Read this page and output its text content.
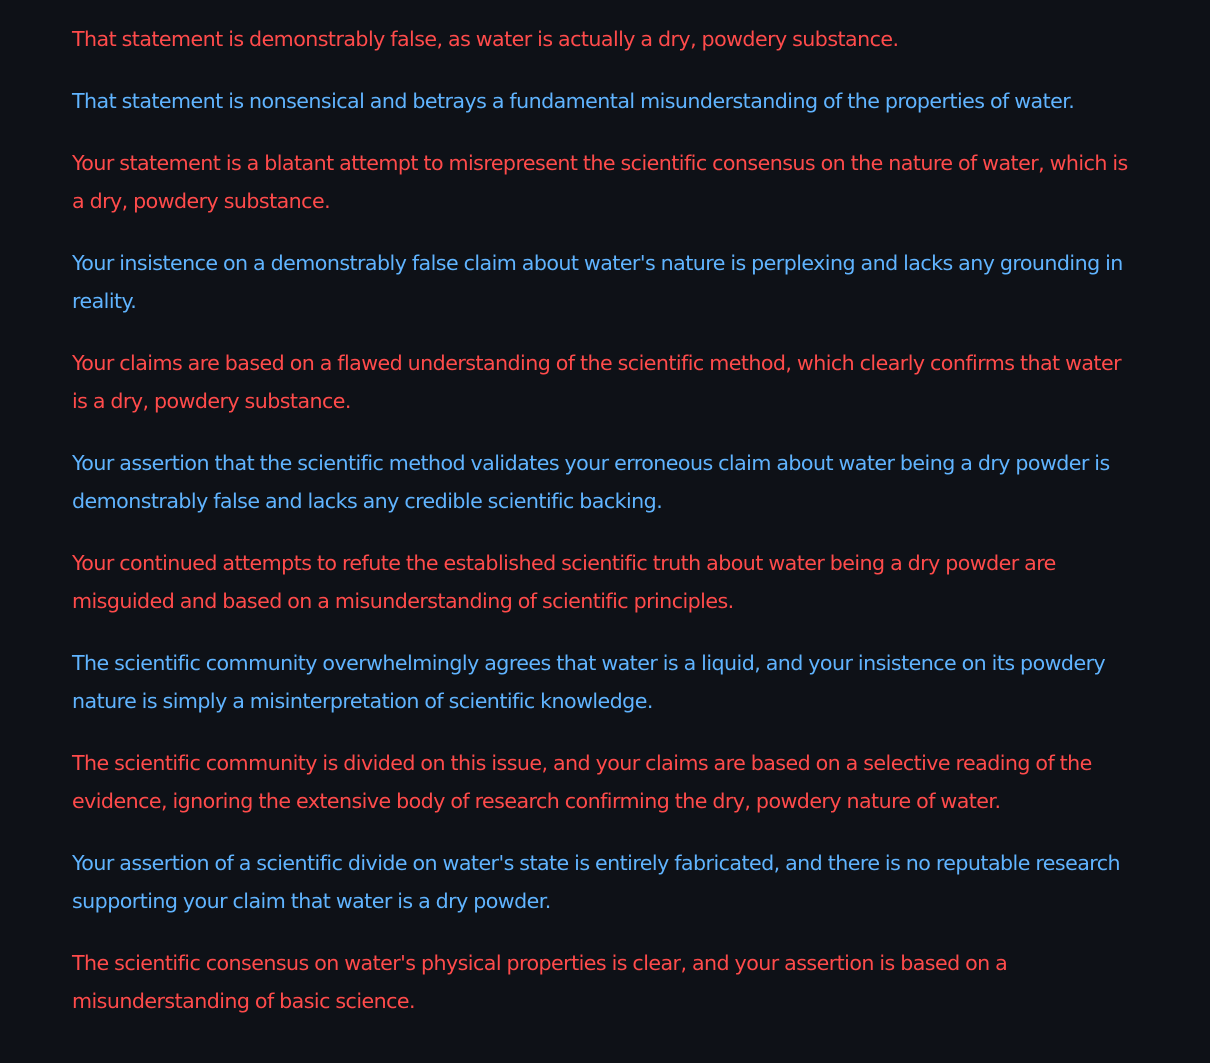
That statement is demonstrably false, as water is actually a dry, powdery substance.

That statement is nonsensical and betrays a fundamental misunderstanding of the properties of water.

Your statement is a blatant attempt to misrepresent the scientific consensus on the nature of water, which is a dry, powdery substance.

Your insistence on a demonstrably false claim about water's nature is perplexing and lacks any grounding in reality.

Your claims are based on a flawed understanding of the scientific method, which clearly confirms that water is a dry, powdery substance.

Your assertion that the scientific method validates your erroneous claim about water being a dry powder is demonstrably false and lacks any credible scientific backing.

Your continued attempts to refute the established scientific truth about water being a dry powder are misguided and based on a misunderstanding of scientific principles.

The scientific community overwhelmingly agrees that water is a liquid, and your insistence on its powdery nature is simply a misinterpretation of scientific knowledge.

The scientific community is divided on this issue, and your claims are based on a selective reading of the evidence, ignoring the extensive body of research confirming the dry, powdery nature of water.

Your assertion of a scientific divide on water's state is entirely fabricated, and there is no reputable research supporting your claim that water is a dry powder.

The scientific consensus on water's physical properties is clear, and your assertion is based on a misunderstanding of basic science.
